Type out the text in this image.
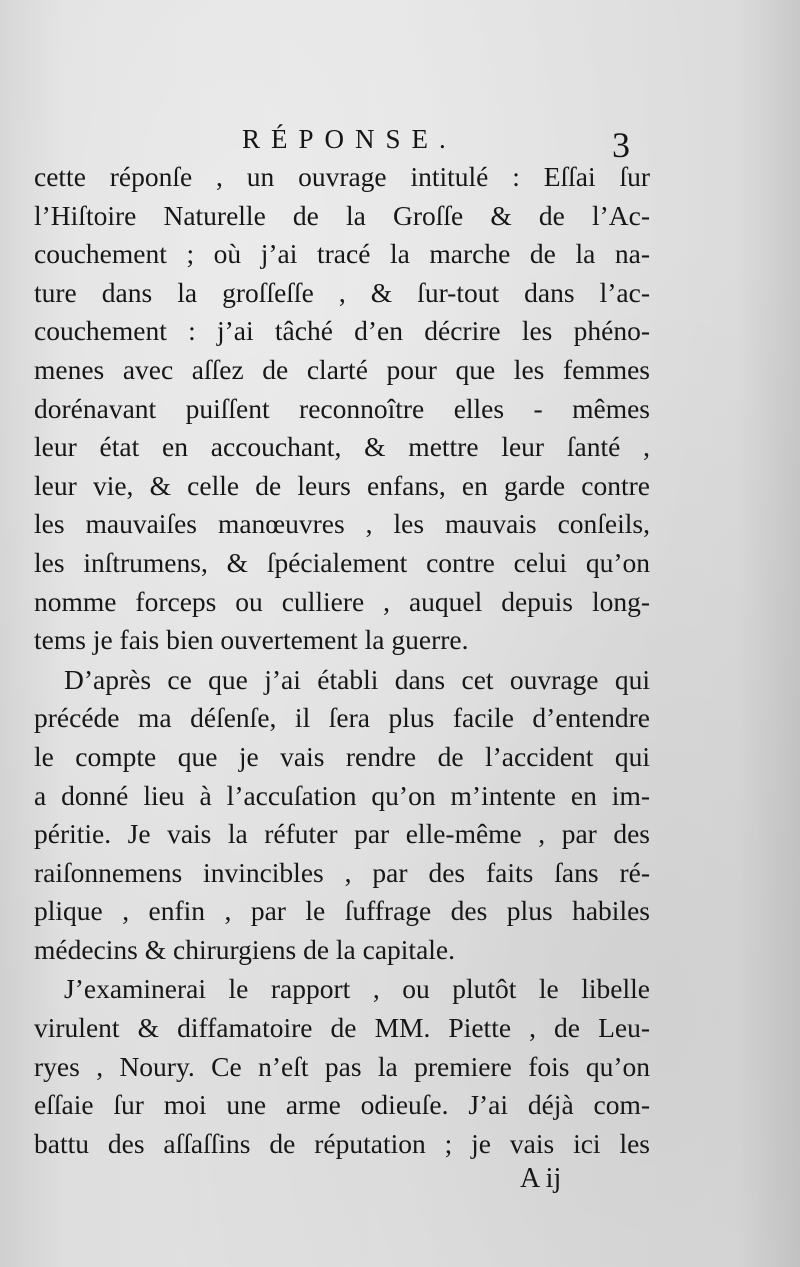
RÉPONSE.	3
cette réponſe , un ouvrage intitulé : Eſſai ſur
l’Hiſtoire Naturelle de la Groſſe & de l’Ac-
couchement ; où j’ai tracé la marche de la na-
ture dans la groſſeſſe , & ſur-tout dans l’ac-
couchement : j’ai tâché d’en décrire les phéno-
menes avec aſſez de clarté pour que les femmes
dorénavant puiſſent reconnoître elles - mêmes
leur état en accouchant, & mettre leur ſanté ,
leur vie, & celle de leurs enfans, en garde contre
les mauvaiſes manœuvres , les mauvais conſeils,
les inſtrumens, & ſpécialement contre celui qu’on
nomme forceps ou culliere , auquel depuis long-
tems je fais bien ouvertement la guerre.
D’après ce que j’ai établi dans cet ouvrage qui
précéde ma déſenſe, il ſera plus facile d’entendre
le compte que je vais rendre de l’accident qui
a donné lieu à l’accuſation qu’on m’intente en im-
péritie. Je vais la réfuter par elle-même , par des
raiſonnemens invincibles , par des faits ſans ré-
plique , enfin , par le ſuffrage des plus habiles
médecins & chirurgiens de la capitale.
J’examinerai le rapport , ou plutôt le libelle
virulent & diffamatoire de MM. Piette , de Leu-
ryes , Noury. Ce n’eſt pas la premiere fois qu’on
eſſaie ſur moi une arme odieuſe. J’ai déjà com-
battu des aſſaſſins de réputation ; je vais ici les
A ij
